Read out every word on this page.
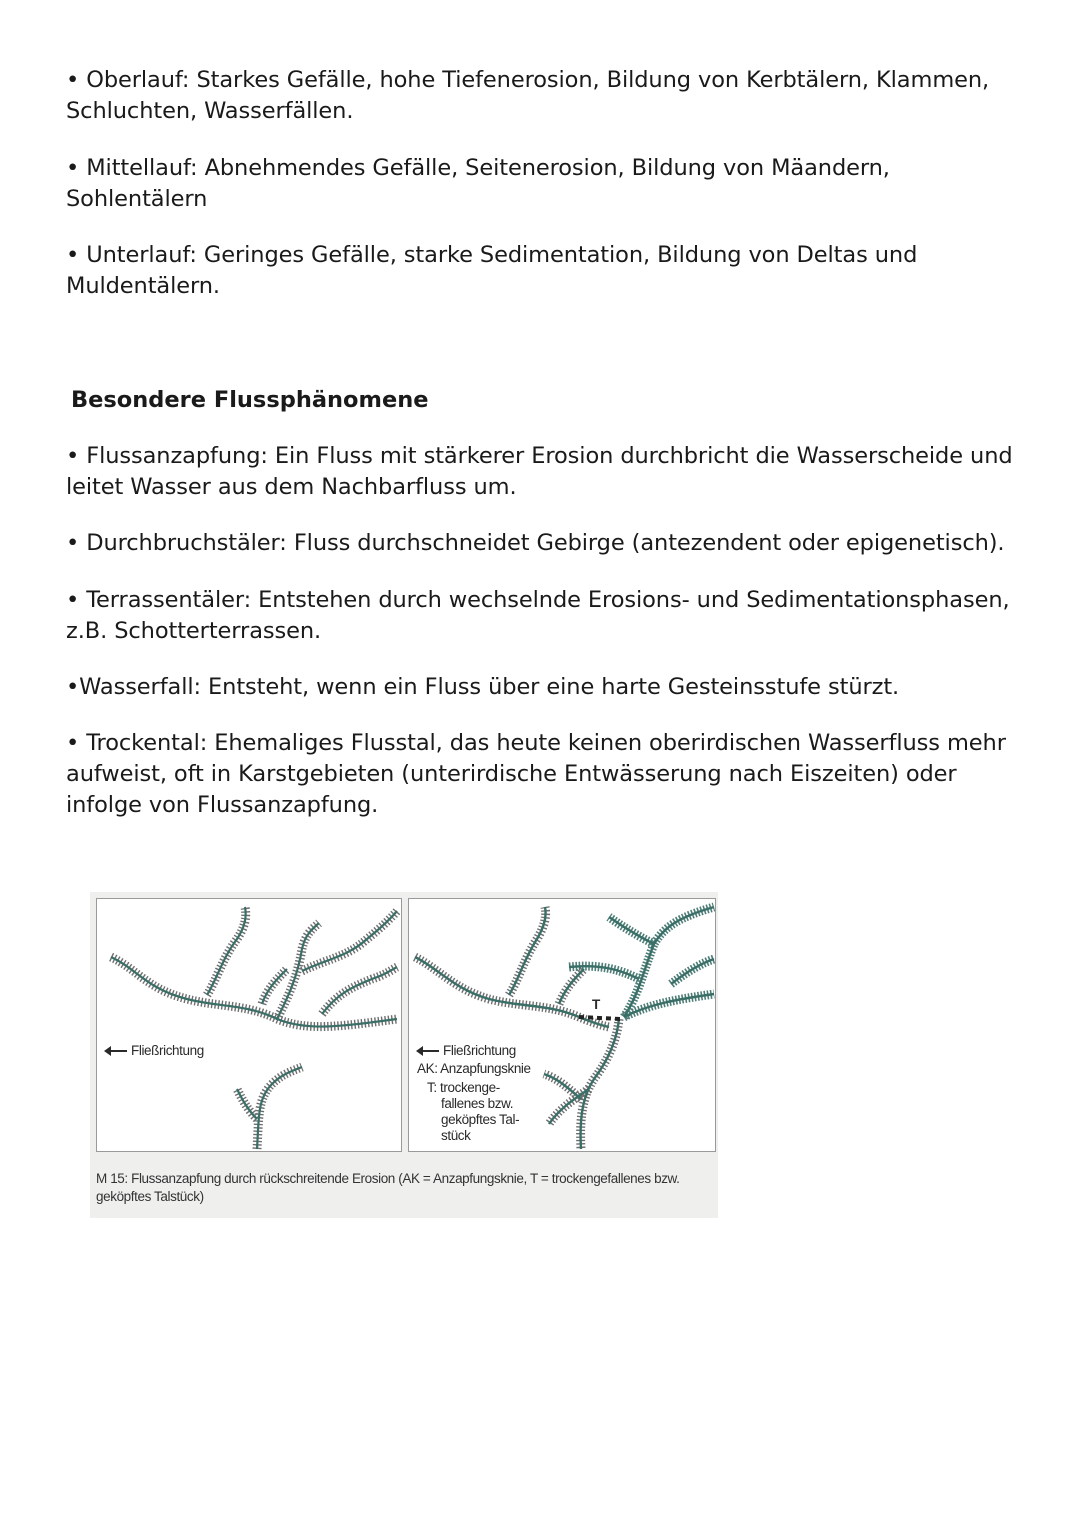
• Oberlauf: Starkes Gefälle, hohe Tiefenerosion, Bildung von Kerbtälern, Klammen, Schluchten, Wasserfällen.
• Mittellauf: Abnehmendes Gefälle, Seitenerosion, Bildung von Mäandern, Sohlentälern
• Unterlauf: Geringes Gefälle, starke Sedimentation, Bildung von Deltas und Muldentälern.
Besondere Flussphänomene
• Flussanzapfung: Ein Fluss mit stärkerer Erosion durchbricht die Wasserscheide und leitet Wasser aus dem Nachbarfluss um.
• Durchbruchstäler: Fluss durchschneidet Gebirge (antezendent oder epigenetisch).
• Terrassentäler: Entstehen durch wechselnde Erosions- und Sedimentationsphasen, z.B. Schotterterrassen.
•Wasserfall: Entsteht, wenn ein Fluss über eine harte Gesteinsstufe stürzt.
• Trockental: Ehemaliges Flusstal, das heute keinen oberirdischen Wasserfluss mehr aufweist, oft in Karstgebieten (unterirdische Entwässerung nach Eiszeiten) oder infolge von Flussanzapfung.
Fließrichtung
T
AK
Fließrichtung
AK: Anzapfungsknie
T: trockenge-
fallenes bzw.
geköpftes Tal-
stück
M 15: Flussanzapfung durch rückschreitende Erosion (AK = Anzapfungsknie, T = trockengefallenes bzw. geköpftes Talstück)
